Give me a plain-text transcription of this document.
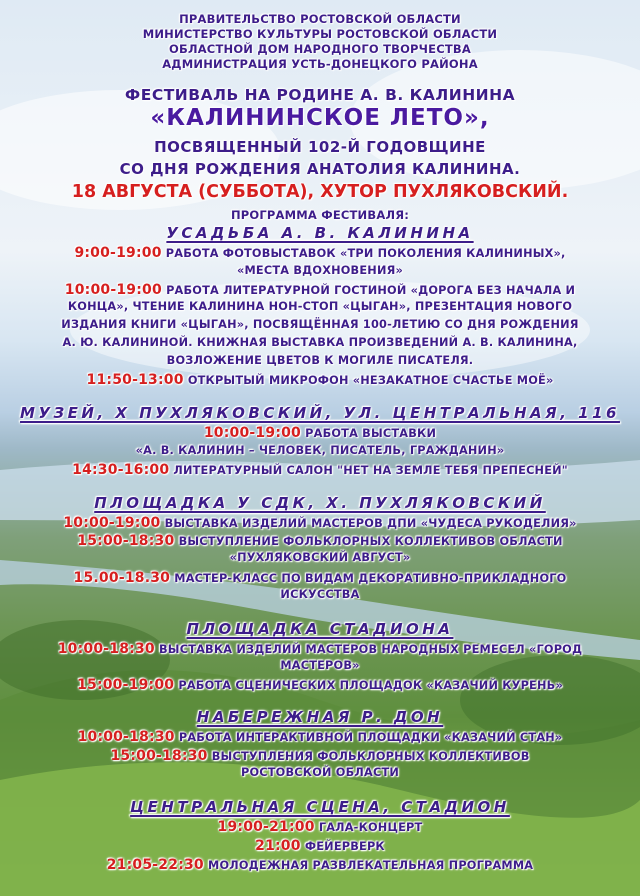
ПРАВИТЕЛЬСТВО РОСТОВСКОЙ ОБЛАСТИ
МИНИСТЕРСТВО КУЛЬТУРЫ РОСТОВСКОЙ ОБЛАСТИ
ОБЛАСТНОЙ ДОМ НАРОДНОГО ТВОРЧЕСТВА
АДМИНИСТРАЦИЯ УСТЬ-ДОНЕЦКОГО РАЙОНА
ФЕСТИВАЛЬ НА РОДИНЕ А. В. КАЛИНИНА
«КАЛИНИНСКОЕ ЛЕТО»,
ПОСВЯЩЕННЫЙ 102-Й ГОДОВЩИНЕ
СО ДНЯ РОЖДЕНИЯ АНАТОЛИЯ КАЛИНИНА.
18 АВГУСТА (СУББОТА), ХУТОР ПУХЛЯКОВСКИЙ.
ПРОГРАММА ФЕСТИВАЛЯ:
УСАДЬБА А. В. КАЛИНИНА
9:00-19:00 РАБОТА ФОТОВЫСТАВОК «ТРИ ПОКОЛЕНИЯ КАЛИНИНЫХ»,
«МЕСТА ВДОХНОВЕНИЯ»
10:00-19:00 РАБОТА ЛИТЕРАТУРНОЙ ГОСТИНОЙ «ДОРОГА БЕЗ НАЧАЛА И
КОНЦА», ЧТЕНИЕ КАЛИНИНА НОН-СТОП «ЦЫГАН», ПРЕЗЕНТАЦИЯ НОВОГО
ИЗДАНИЯ КНИГИ «ЦЫГАН», ПОСВЯЩЁННАЯ 100-ЛЕТИЮ СО ДНЯ РОЖДЕНИЯ
А. Ю. КАЛИНИНОЙ. КНИЖНАЯ ВЫСТАВКА ПРОИЗВЕДЕНИЙ А. В. КАЛИНИНА,
ВОЗЛОЖЕНИЕ ЦВЕТОВ К МОГИЛЕ ПИСАТЕЛЯ.
11:50-13:00 ОТКРЫТЫЙ МИКРОФОН «НЕЗАКАТНОЕ СЧАСТЬЕ МОЁ»
МУЗЕЙ, Х ПУХЛЯКОВСКИЙ, УЛ. ЦЕНТРАЛЬНАЯ, 116
10:00-19:00 РАБОТА ВЫСТАВКИ
«А. В. КАЛИНИН – ЧЕЛОВЕК, ПИСАТЕЛЬ, ГРАЖДАНИН»
14:30-16:00 ЛИТЕРАТУРНЫЙ САЛОН "НЕТ НА ЗЕМЛЕ ТЕБЯ ПРЕПЕСНЕЙ"
ПЛОЩАДКА У СДК, Х. ПУХЛЯКОВСКИЙ
10:00-19:00 ВЫСТАВКА ИЗДЕЛИЙ МАСТЕРОВ ДПИ «ЧУДЕСА РУКОДЕЛИЯ»
15:00-18:30 ВЫСТУПЛЕНИЕ ФОЛЬКЛОРНЫХ КОЛЛЕКТИВОВ ОБЛАСТИ
«ПУХЛЯКОВСКИЙ АВГУСТ»
15.00-18.30 МАСТЕР-КЛАСС ПО ВИДАМ ДЕКОРАТИВНО-ПРИКЛАДНОГО
ИСКУССТВА
ПЛОЩАДКА СТАДИОНА
10:00-18:30 ВЫСТАВКА ИЗДЕЛИЙ МАСТЕРОВ НАРОДНЫХ РЕМЕСЕЛ «ГОРОД
МАСТЕРОВ»
15:00-19:00 РАБОТА СЦЕНИЧЕСКИХ ПЛОЩАДОК «КАЗАЧИЙ КУРЕНЬ»
НАБЕРЕЖНАЯ Р. ДОН
10:00-18:30 РАБОТА ИНТЕРАКТИВНОЙ ПЛОЩАДКИ «КАЗАЧИЙ СТАН»
15:00-18:30 ВЫСТУПЛЕНИЯ ФОЛЬКЛОРНЫХ КОЛЛЕКТИВОВ
РОСТОВСКОЙ ОБЛАСТИ
ЦЕНТРАЛЬНАЯ СЦЕНА, СТАДИОН
19:00-21:00 ГАЛА-КОНЦЕРТ
21:00 ФЕЙЕРВЕРК
21:05-22:30 МОЛОДЕЖНАЯ РАЗВЛЕКАТЕЛЬНАЯ ПРОГРАММА
